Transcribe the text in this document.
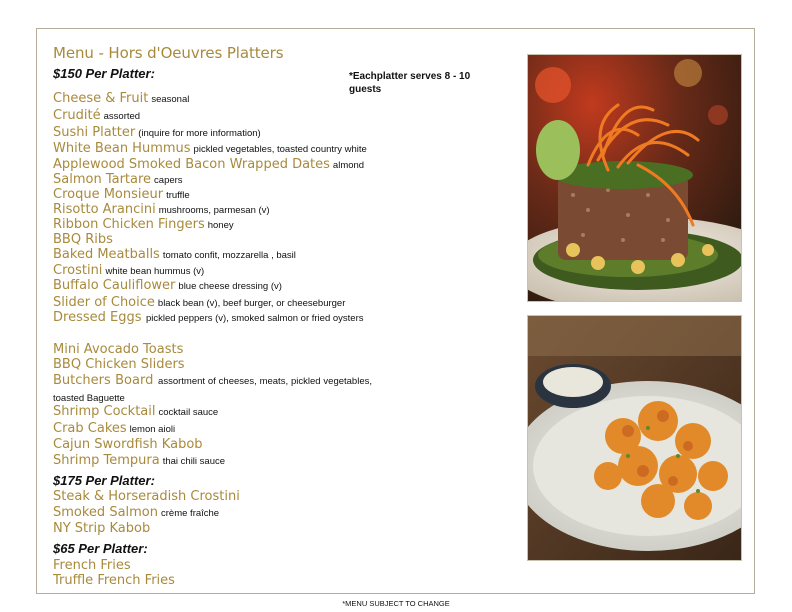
Menu - Hors d'Oeuvres Platters
*Eachplatter serves 8 - 10 guests
$150 Per Platter:
Cheese & Fruit seasonal
Crudité assorted
Sushi Platter (inquire for more information)
White Bean Hummus pickled vegetables, toasted country white
Applewood Smoked Bacon Wrapped Dates almond
Salmon Tartare capers
Croque Monsieur truffle
Risotto Arancini mushrooms, parmesan (v)
Ribbon Chicken Fingers honey
BBQ Ribs
Baked Meatballs tomato confit, mozzarella , basil
Crostini white bean hummus (v)
Buffalo Cauliflower blue cheese dressing (v)
Slider of Choice black bean (v), beef burger, or cheeseburger
Dressed Eggs pickled peppers (v), smoked salmon or fried oysters
Mini Avocado Toasts
BBQ Chicken Sliders
Butchers Board assortment of cheeses, meats, pickled vegetables, toasted Baguette
Shrimp Cocktail cocktail sauce
Crab Cakes lemon aioli
Cajun Swordfish Kabob
Shrimp Tempura thai chili sauce
$175 Per Platter:
Steak & Horseradish Crostini
Smoked Salmon crème fraîche
NY Strip Kabob
$65 Per Platter:
French Fries
Truffle French Fries
*MENU SUBJECT TO CHANGE
